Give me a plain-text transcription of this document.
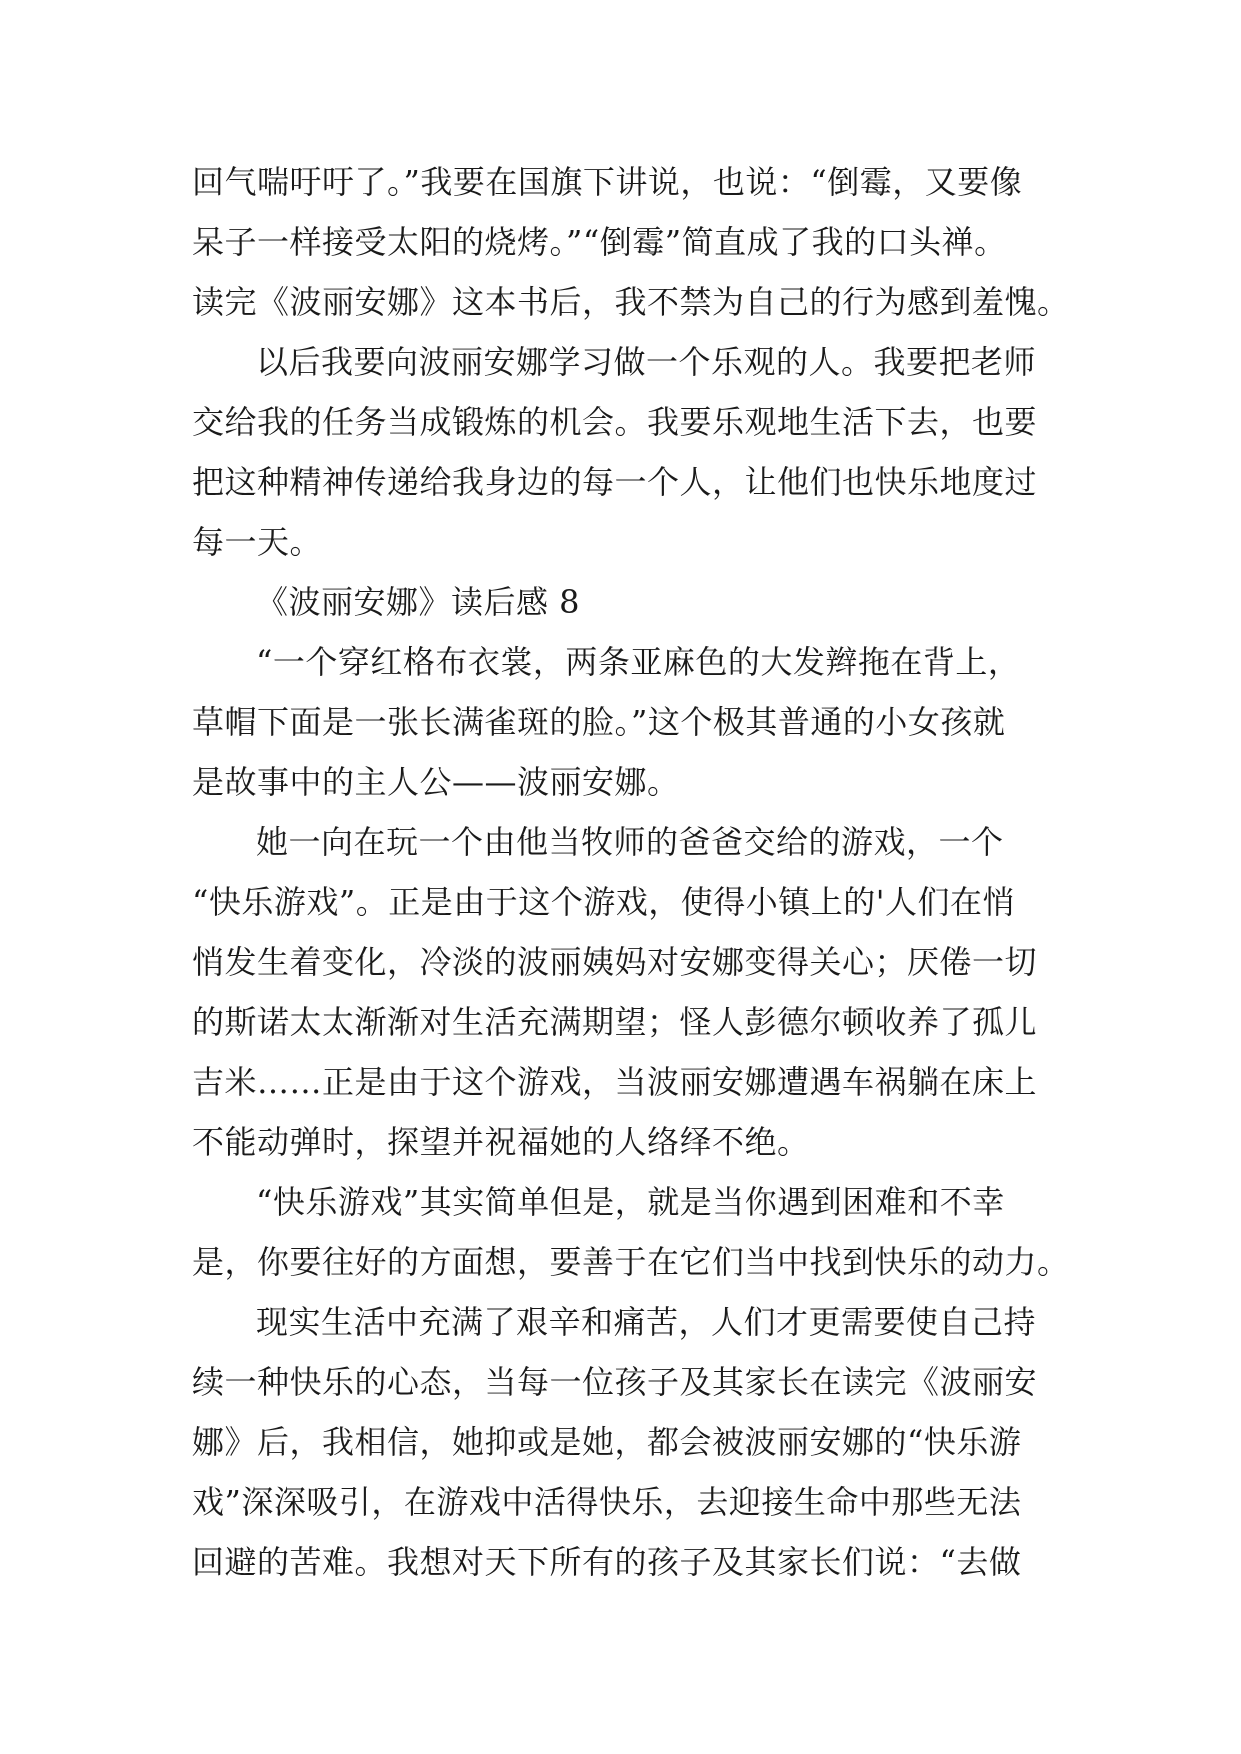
回气喘吁吁了。”我要在国旗下讲说，也说：“倒霉，又要像
呆子一样接受太阳的烧烤。”“倒霉”简直成了我的口头禅。
读完《波丽安娜》这本书后，我不禁为自己的行为感到羞愧。
以后我要向波丽安娜学习做一个乐观的人。我要把老师
交给我的任务当成锻炼的机会。我要乐观地生活下去，也要
把这种精神传递给我身边的每一个人，让他们也快乐地度过
每一天。
《波丽安娜》读后感 8
“一个穿红格布衣裳，两条亚麻色的大发辫拖在背上，
草帽下面是一张长满雀斑的脸。”这个极其普通的小女孩就
是故事中的主人公——波丽安娜。
她一向在玩一个由他当牧师的爸爸交给的游戏，一个
“快乐游戏”。正是由于这个游戏，使得小镇上的'人们在悄
悄发生着变化，冷淡的波丽姨妈对安娜变得关心；厌倦一切
的斯诺太太渐渐对生活充满期望；怪人彭德尔顿收养了孤儿
吉米……正是由于这个游戏，当波丽安娜遭遇车祸躺在床上
不能动弹时，探望并祝福她的人络绎不绝。
“快乐游戏”其实简单但是，就是当你遇到困难和不幸
是，你要往好的方面想，要善于在它们当中找到快乐的动力。
现实生活中充满了艰辛和痛苦，人们才更需要使自己持
续一种快乐的心态，当每一位孩子及其家长在读完《波丽安
娜》后，我相信，她抑或是她，都会被波丽安娜的“快乐游
戏”深深吸引，在游戏中活得快乐，去迎接生命中那些无法
回避的苦难。我想对天下所有的孩子及其家长们说：“去做
